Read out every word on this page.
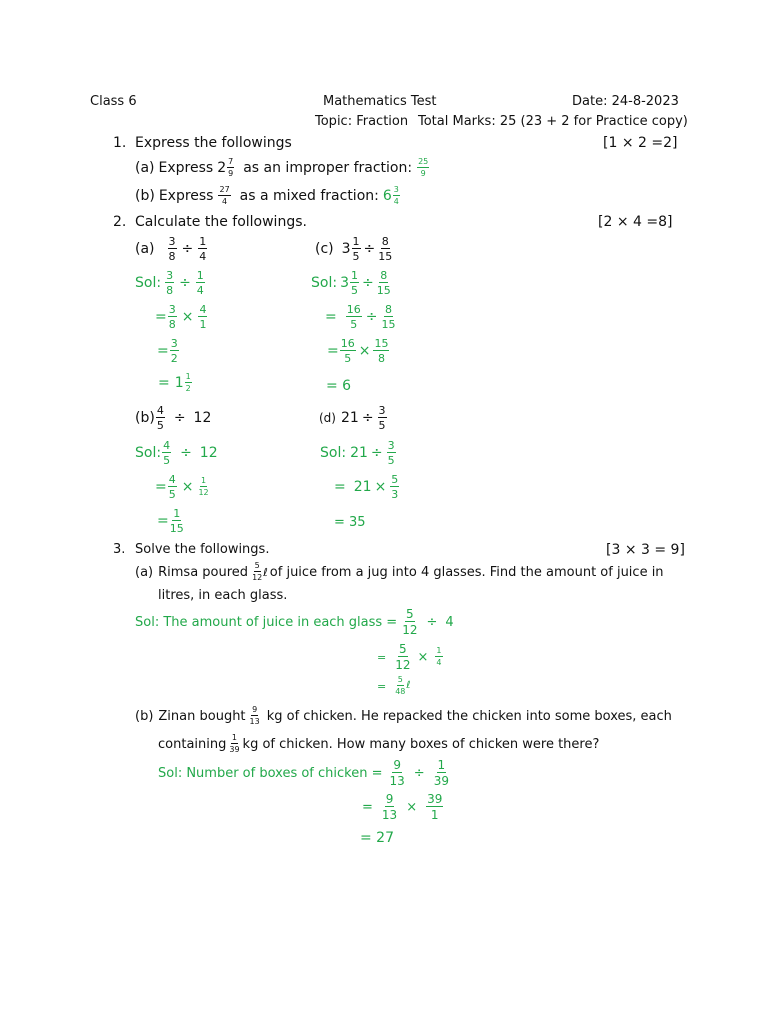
Class 6	Mathematics Test	Date: 24-8-2023
Topic: Fraction Total Marks: 25 (23 + 2 for Practice copy)
1. Express the followings	[1 × 2 =2]
(a) Express $2 \frac{7}{9}$ as an improper fraction: $\frac{25}{9}$
(b) Express $\frac{27}{4}$ as a mixed fraction: $6 \frac{3}{4}$
2. Calculate the followings.	[2 × 4 =8]
$(a) \frac{3}{8} \div \frac{1}{4}$
Sol: $\frac{3}{8} \div \frac{1}{4}$
= $\frac{3}{8} \times \frac{4}{1}$
= $\frac{3}{2}$
= $1 \frac{1}{2}$
(c) $3 \frac{1}{5} \div \frac{8}{15}$
Sol: $3 \frac{1}{5} \div \frac{8}{15}$
= $\frac{16}{5} \div \frac{8}{15}$
= $\frac{16}{5} \times \frac{15}{8}$
= 6
$(b) \frac{4}{5} \div 12$
Sol: $\frac{4}{5} \div 12$
= $\frac{4}{5} \times \frac{1}{12}$
= $\frac{1}{15}$
(d) $21 \div \frac{3}{5}$
Sol: $21 \div \frac{3}{5}$
= $21 \times \frac{5}{3}$
= 35
3. Solve the followings.	[3 × 3 = 9]
(a) Rimsa poured $\frac{5}{12}$ ℓ of juice from a jug into 4 glasses. Find the amount of juice in
litres, in each glass.
Sol: The amount of juice in each glass = $\frac{5}{12} \div 4$
= $\frac{5}{12} \times \frac{1}{4}$
= $\frac{5}{48}$ ℓ
(b) Zinan bought $\frac{9}{13}$ kg of chicken. He repacked the chicken into some boxes, each
containing $\frac{1}{39}$ kg of chicken. How many boxes of chicken were there?
Sol: Number of boxes of chicken = $\frac{9}{13} \div \frac{1}{39}$
= $\frac{9}{13} \times \frac{39}{1}$
= 27
